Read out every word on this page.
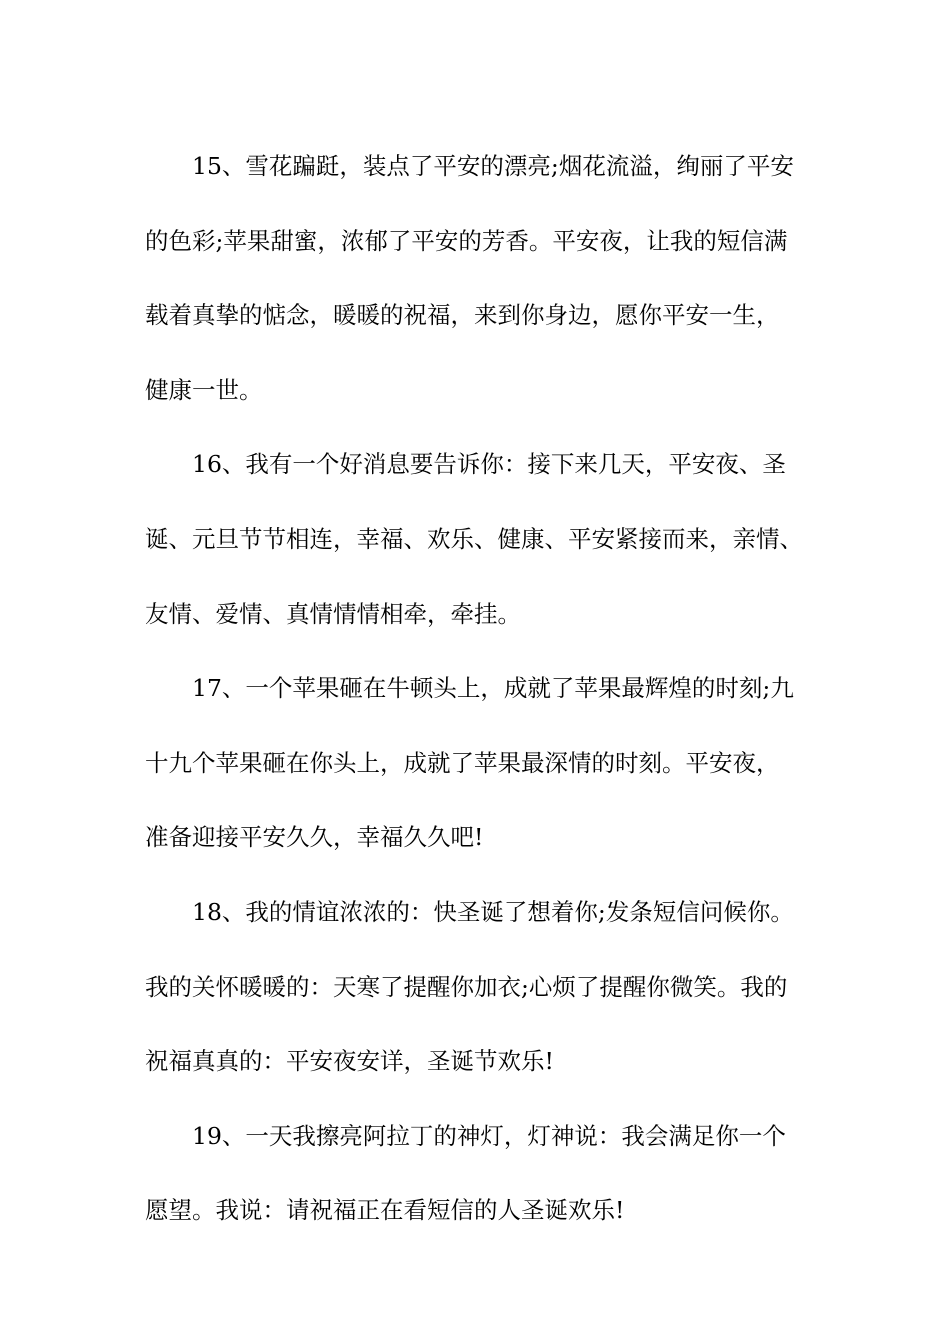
15、雪花蹁跹，装点了平安的漂亮;烟花流溢，绚丽了平安
的色彩;苹果甜蜜，浓郁了平安的芳香。平安夜，让我的短信满
载着真挚的惦念，暖暖的祝福，来到你身边，愿你平安一生，
健康一世。
16、我有一个好消息要告诉你：接下来几天，平安夜、圣
诞、元旦节节相连，幸福、欢乐、健康、平安紧接而来，亲情、
友情、爱情、真情情情相牵，牵挂。
17、一个苹果砸在牛顿头上，成就了苹果最辉煌的时刻;九
十九个苹果砸在你头上，成就了苹果最深情的时刻。平安夜，
准备迎接平安久久，幸福久久吧!
18、我的情谊浓浓的：快圣诞了想着你;发条短信问候你。
我的关怀暖暖的：天寒了提醒你加衣;心烦了提醒你微笑。我的
祝福真真的：平安夜安详，圣诞节欢乐!
19、一天我擦亮阿拉丁的神灯，灯神说：我会满足你一个
愿望。我说：请祝福正在看短信的人圣诞欢乐!
